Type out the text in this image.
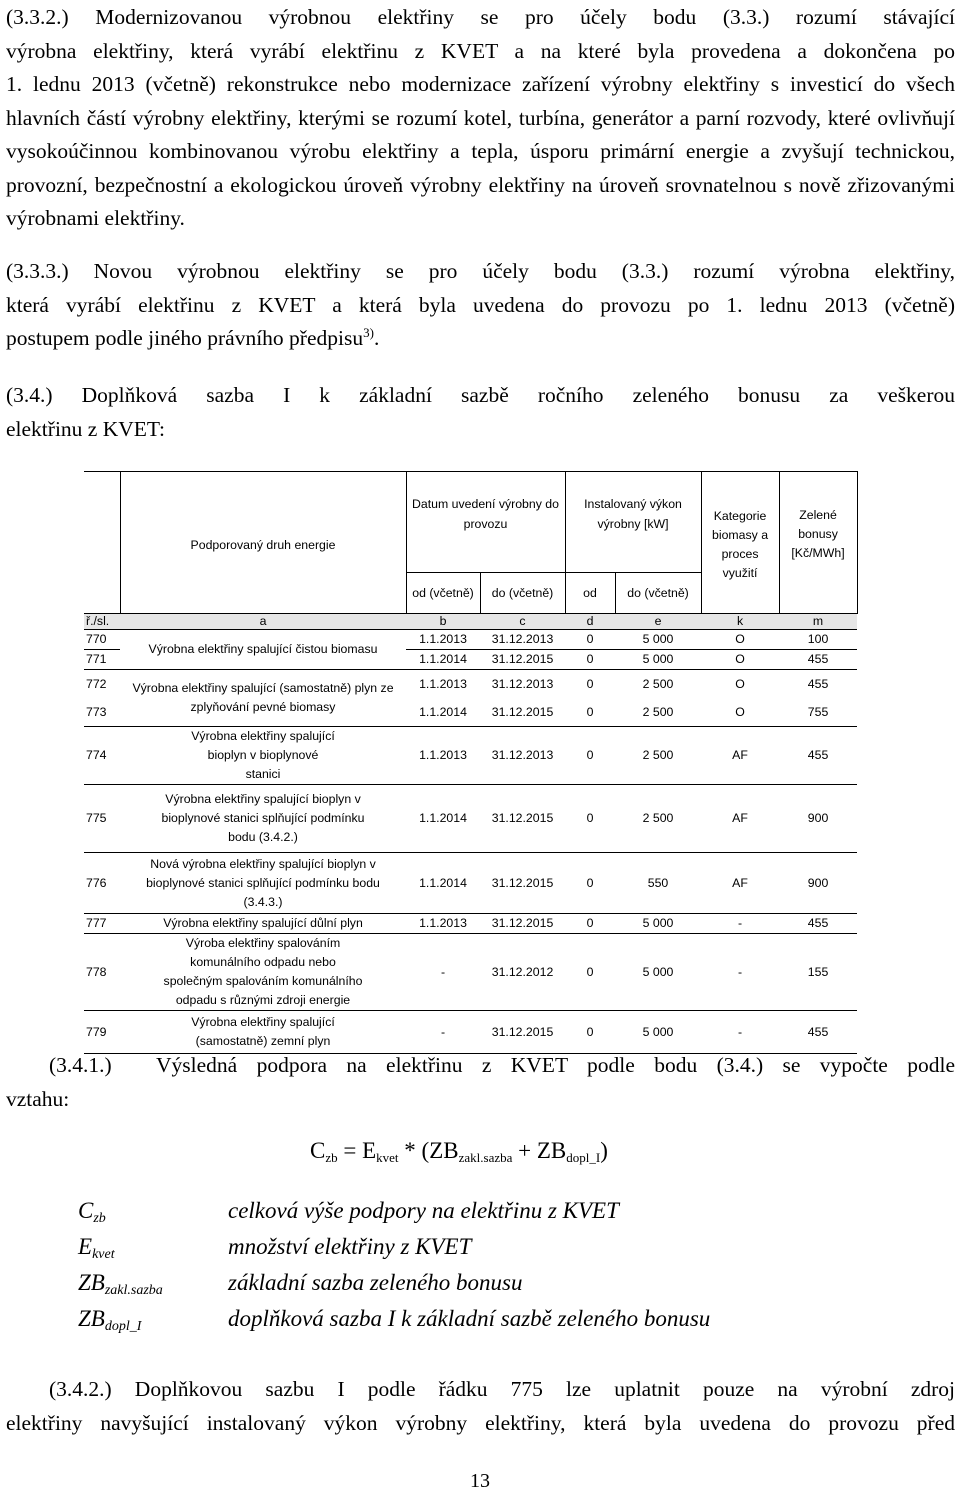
(3.3.2.) Modernizovanou výrobnou elektřiny se pro účely bodu (3.3.) rozumí stávající
výrobna elektřiny, která vyrábí elektřinu z KVET a na které byla provedena a dokončena po
1. lednu 2013 (včetně) rekonstrukce nebo modernizace zařízení výrobny elektřiny s investicí do všech hlavních částí výrobny elektřiny, kterými se rozumí kotel, turbína, generátor a parní rozvody, které ovlivňují vysokoúčinnou kombinovanou výrobu elektřiny a tepla, úsporu primární energie a zvyšují technickou, provozní, bezpečnostní a ekologickou úroveň výrobny elektřiny na úroveň srovnatelnou s nově zřizovanými výrobnami elektřiny.
(3.3.3.) Novou výrobnou elektřiny se pro účely bodu (3.3.) rozumí výrobna elektřiny,
která vyrábí elektřinu z KVET a která byla uvedena do provozu po 1. lednu 2013 (včetně)
postupem podle jiného právního předpisu$^{3)}$.
(3.4.) Doplňková sazba I k základní sazbě ročního zeleného bonusu za veškerou
elektřinu z KVET:
	Podporovaný druh energie	Datum uvedení výrobny do provozu		Instalovaný výkon výrobny [kW]		Kategorie biomasy a proces využití	Zelené bonusy [Kč/MWh]
		od (včetně)	do (včetně)	od	do (včetně)		
ř./sl.	a	b	c	d	e	k	m
770	Výrobna elektřiny spalující čistou biomasu	1.1.2013	31.12.2013	0	5 000	O	100
771		1.1.2014	31.12.2015	0	5 000	O	455
772	Výrobna elektřiny spalující (samostatně) plyn ze zplyňování pevné biomasy	1.1.2013	31.12.2013	0	2 500	O	455
773		1.1.2014	31.12.2015	0	2 500	O	755
774	Výrobna elektřiny spalující bioplyn v bioplynové stanici	1.1.2013	31.12.2013	0	2 500	AF	455
775	Výrobna elektřiny spalující bioplyn v bioplynové stanici splňující podmínku bodu (3.4.2.)	1.1.2014	31.12.2015	0	2 500	AF	900
776	Nová výrobna elektřiny spalující bioplyn v bioplynové stanici splňující podmínku bodu (3.4.3.)	1.1.2014	31.12.2015	0	550	AF	900
777	Výrobna elektřiny spalující důlní plyn	1.1.2013	31.12.2015	0	5 000	-	455
778	Výroba elektřiny spalováním komunálního odpadu nebo společným spalováním komunálního odpadu s různými zdroji energie	-	31.12.2012	0	5 000	-	155
779	Výrobna elektřiny spalující (samostatně) zemní plyn	-	31.12.2015	0	5 000	-	455
(3.4.1.)	Výsledná podpora na elektřinu z KVET podle bodu (3.4.) se vypočte podle
vztahu:
$C_{zb} = E_{kvet} * (ZB_{zakl.sazba} + ZB_{dopl\_I})$
$C_{zb}$	celková výše podpory na elektřinu z KVET
$E_{kvet}$	množství elektřiny z KVET
$ZB_{zakl.sazba}$	základní sazba zeleného bonusu
$ZB_{dopl\_I}$	doplňková sazba I k základní sazbě zeleného bonusu
(3.4.2.) Doplňkovou sazbu I podle řádku 775 lze uplatnit pouze na výrobní zdroj
elektřiny navyšující instalovaný výkon výrobny elektřiny, která byla uvedena do provozu před
13
